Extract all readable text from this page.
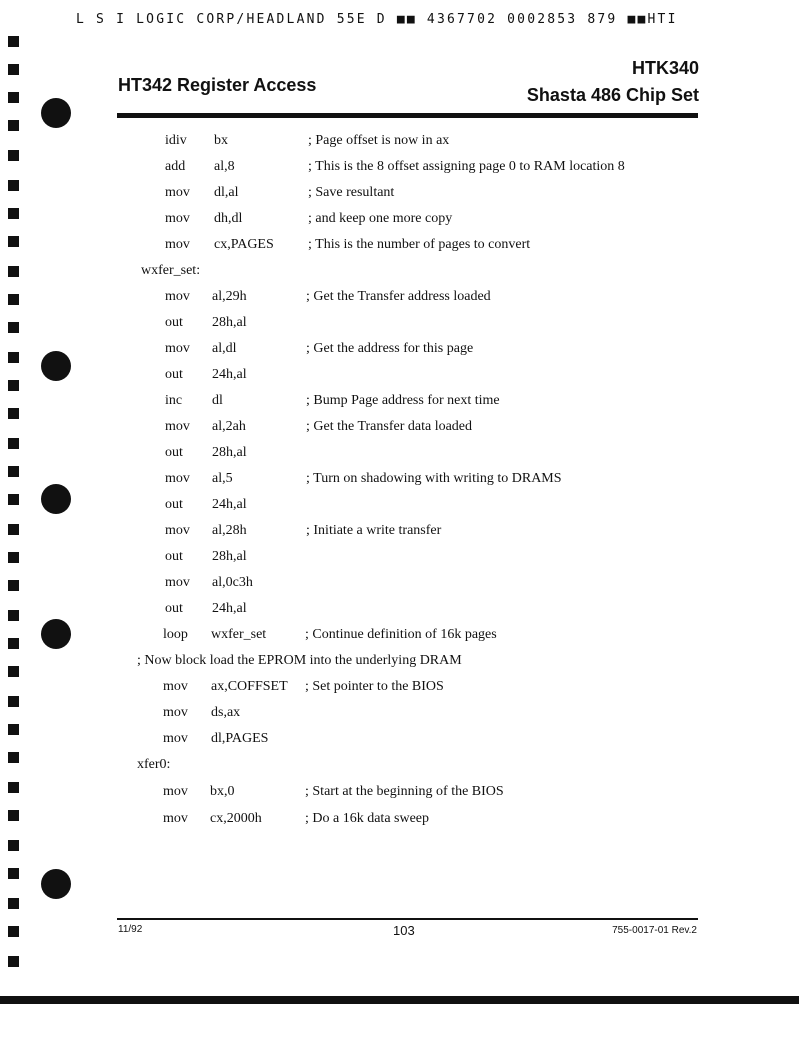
L S I LOGIC CORP/HEADLAND 55E D ■■ 4367702 0002853 879 ■■HTI
HT342 Register Access
HTK340
Shasta 486 Chip Set
idiv bx	; Page offset is now in ax
add al,8	; This is the 8 offset assigning page 0 to RAM location 8
mov dl,al	; Save resultant
mov dh,dl	; and keep one more copy
mov cx,PAGES ; This is the number of pages to convert
wxfer_set:
mov al,29h	; Get the Transfer address loaded
out 28h,al
mov al,dl	; Get the address for this page
out 24h,al
inc dl	; Bump Page address for next time
mov al,2ah	; Get the Transfer data loaded
out 28h,al
mov al,5	; Turn on shadowing with writing to DRAMS
out 24h,al
mov al,28h	; Initiate a write transfer
out 28h,al
mov al,0c3h
out 24h,al
loop wxfer_set	; Continue definition of 16k pages
; Now block load the EPROM into the underlying DRAM
mov ax,COFFSET ; Set pointer to the BIOS
mov ds,ax
mov dl,PAGES
xfer0:
mov bx,0	; Start at the beginning of the BIOS
mov cx,2000h	; Do a 16k data sweep
11/92	103	755-0017-01 Rev.2
